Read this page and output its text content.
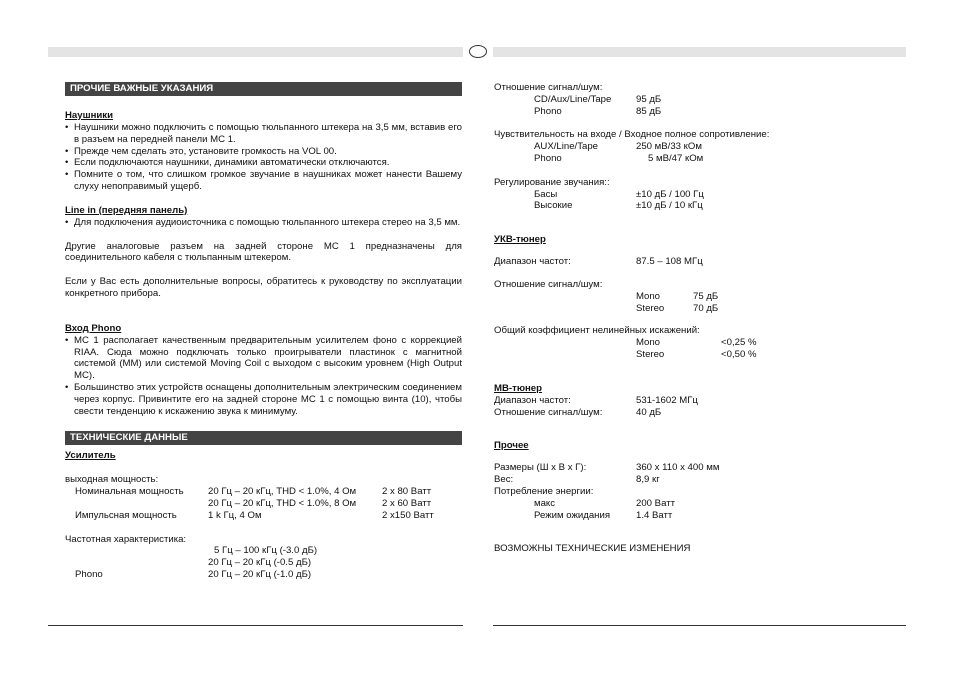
ПРОЧИЕ ВАЖНЫЕ УКАЗАНИЯ
Наушники
• Наушники можно подключить с помощью тюльпанного штекера на 3,5 мм, вставив его в разъем на передней панели МС 1.
• Прежде чем сделать это, установите громкость на VOL 00.
• Если подключаются наушники, динамики автоматически отключаются.
• Помните о том, что слишком громкое звучание в наушниках может нанести Вашему слуху непоправимый ущерб.
Line in (передняя панель)
• Для подключения аудиоисточника с помощью тюльпанного штекера стерео на 3,5 мм.
Другие аналоговые разъем на задней стороне МС 1 предназначены для соединительного кабеля с тюльпанным штекером.
Если у Вас есть дополнительные вопросы, обратитесь к руководству по эксплуатации конкретного прибора.
Вход Phono
• МС 1 располагает качественным предварительным усилителем фоно с коррекцией RIAA. Сюда можно подключать только проигрыватели пластинок с магнитной системой (ММ) или системой Moving Coil с выходом с высоким уровнем (High Output MC).
• Большинство этих устройств оснащены дополнительным электрическим соединением через корпус. Привинтите его на задней стороне МС 1 с помощью винта (10), чтобы свести тенденцию к искажению звука к минимуму.
ТЕХНИЧЕСКИЕ ДАННЫЕ
Усилитель
выходная мощность:
Номинальная мощность	20 Гц – 20 кГц, THD < 1.0%, 4 Ом	2 x 80 Ватт
20 Гц – 20 кГц, THD < 1.0%, 8 Ом	2 x 60 Ватт
Импульсная мощность	1 k Гц, 4 Ом	2 x150 Ватт
Частотная характеристика:
5 Гц – 100 кГц (-3.0 дБ)
20 Гц – 20 кГц (-0.5 дБ)
Phono	20 Гц – 20 кГц (-1.0 дБ)
Отношение сигнал/шум:
CD/Aux/Line/Tape	95 дБ
Phono	85 дБ
Чувствительность на входе / Входное полное сопротивление:
AUX/Line/Tape	250 мВ/33 кОм
Phono	5 мВ/47 кОм
Регулирование звучания::
Басы	±10 дБ / 100 Гц
Высокие	±10 дБ / 10 кГц
УКВ-тюнер
Диапазон частот:	87.5 – 108 МГц
Отношение сигнал/шум:
Mono	75 дБ
Stereo	70 дБ
Общий коэффициент нелинейных искажений:
Mono	<0,25 %
Stereo	<0,50 %
МВ-тюнер
Диапазон частот:	531-1602 МГц
Отношение сигнал/шум:	40 дБ
Прочее
Размеры (Ш x В x Г):	360 x 110 x 400 мм
Вес:	8,9 кг
Потребление энергии:
макс	200 Ватт
Режим ожидания	1.4 Ватт
ВОЗМОЖНЫ ТЕХНИЧЕСКИЕ ИЗМЕНЕНИЯ
